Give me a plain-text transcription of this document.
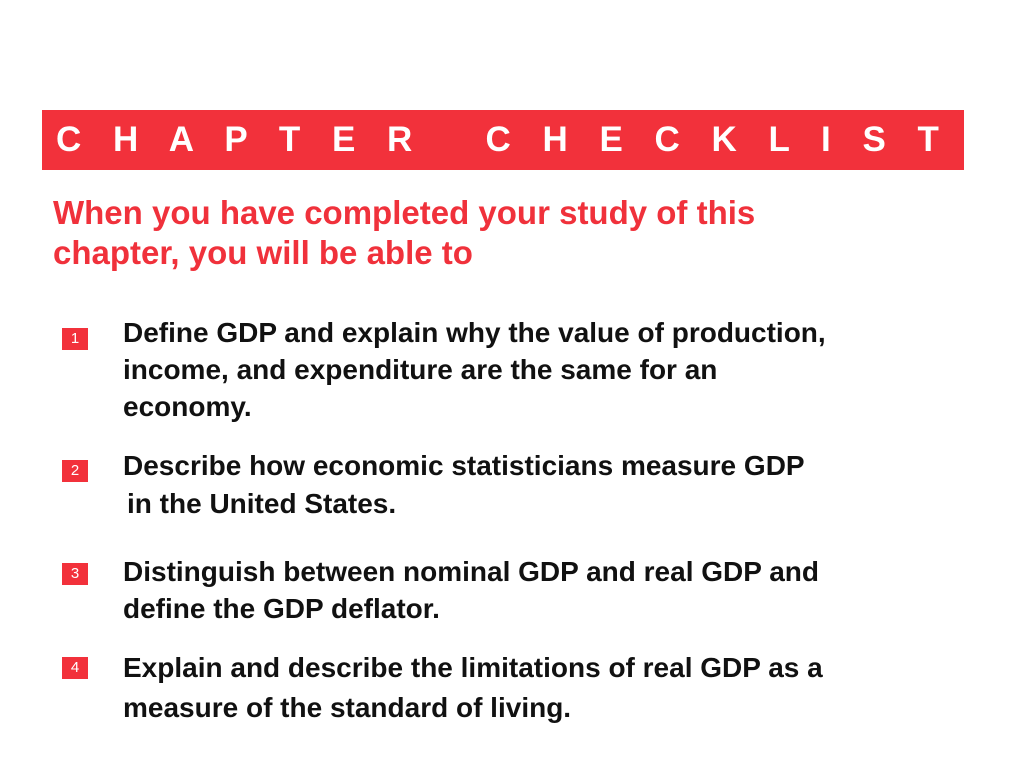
C H A P T E R   C H E C K L I S T
When you have completed your study of this
chapter, you will be able to
1	Define GDP and explain why the value of production,
income, and expenditure are the same for an
economy.
2	Describe how economic statisticians measure GDP
in the United States.
3	Distinguish between nominal GDP and real GDP and
define the GDP deflator.
4	Explain and describe the limitations of real GDP as a
measure of the standard of living.
